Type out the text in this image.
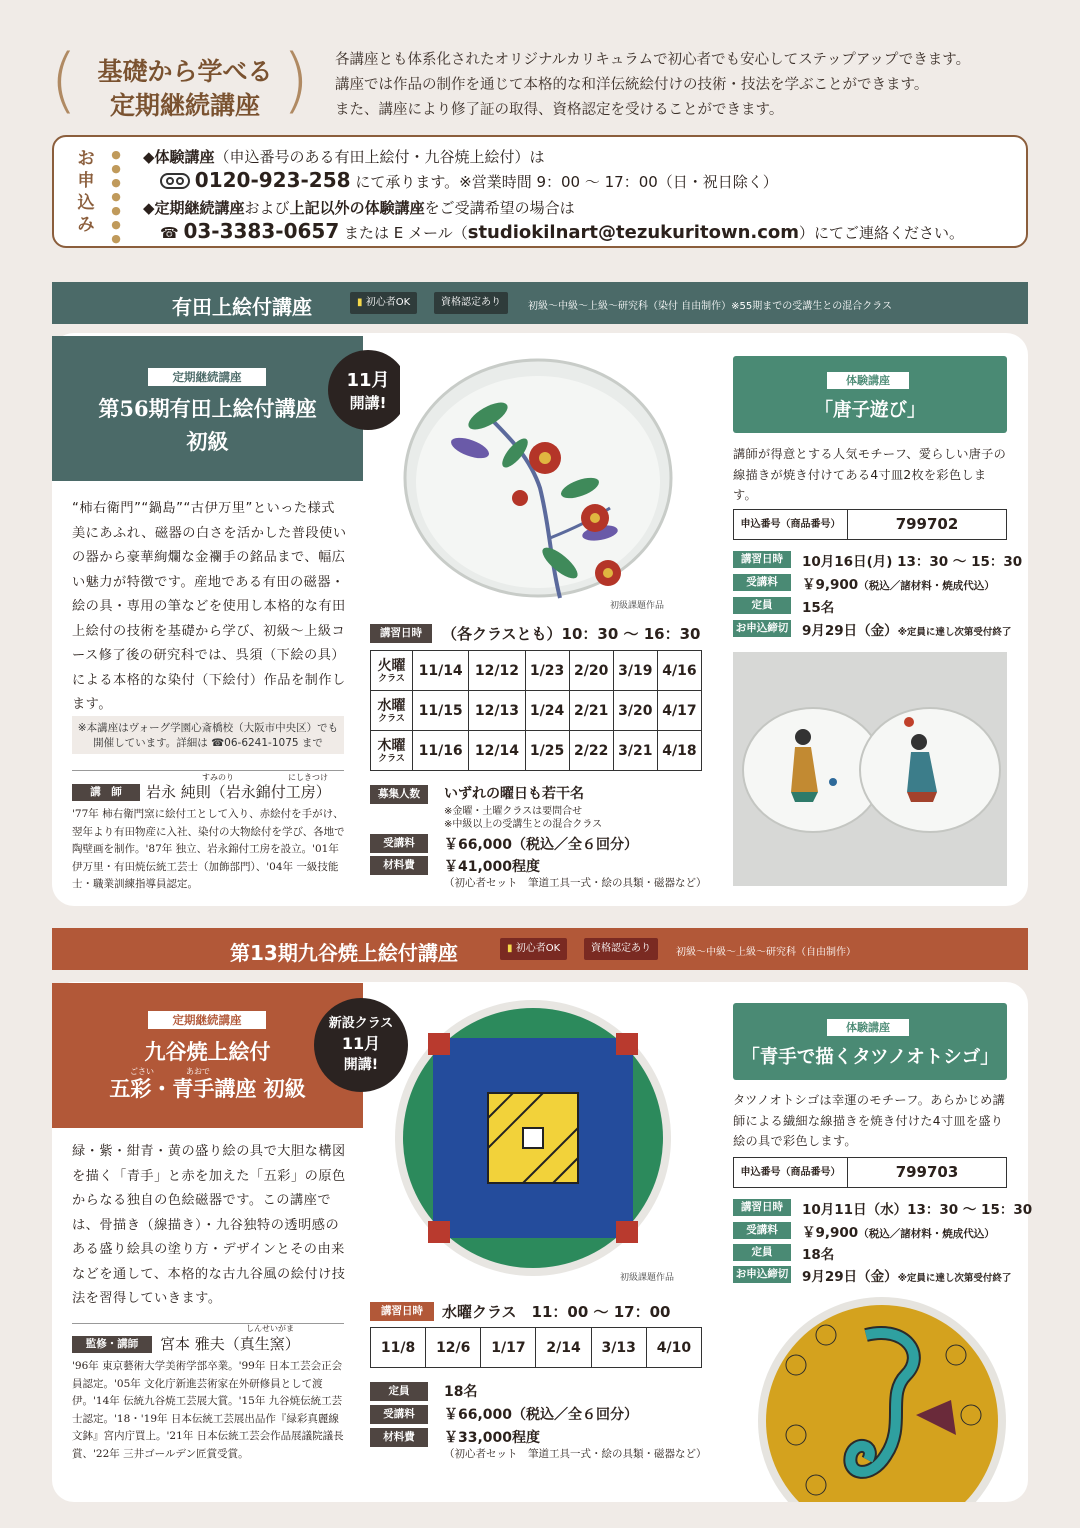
(	)
基礎から学べる
定期継続講座
各講座とも体系化されたオリジナルカリキュラムで初心者でも安心してステップアップできます。
講座では作品の制作を通じて本格的な和洋伝統絵付けの技術・技法を学ぶことができます。
また、講座により修了証の取得、資格認定を受けることができます。
お
申
込
み
●
●
●
●
●
●
●
◆体験講座（申込番号のある有田上絵付・九谷焼上絵付）は
0120-923-258 にて承ります。※営業時間 9：00 〜 17：00（日・祝日除く）
◆定期継続講座および上記以外の体験講座をご受講希望の場合は
☎ 03-3383-0657 または E メール（studiokilnart@tezukuritown.com）にてご連絡ください。
有田上絵付講座	▮ 初心者OK	資格認定あり	初級〜中級〜上級〜研究科（染付 自由制作）※55期までの受講生との混合クラス
定期継続講座
第56期有田上絵付講座
初級
11月
開講!
“柿右衛門”“鍋島”“古伊万里”といった様式美にあふれ、磁器の白さを活かした普段使いの器から豪華絢爛な金襴手の銘品まで、幅広い魅力が特徴です。産地である有田の磁器・絵の具・専用の筆などを使用し本格的な有田上絵付の技術を基礎から学び、初級〜上級コース修了後の研究科では、呉須（下絵の具）による本格的な染付（下絵付）作品を制作します。
※本講座はヴォーグ学園心斎橋校（大阪市中央区）でも
開催しています。詳細は ☎06-6241-1075 まで
すみのり	にしきつけ
講　師	岩永 純則（岩永錦付工房）
'77年 柿右衛門窯に絵付工として入り、赤絵付を手がけ、翌年より有田物産に入社、染付の大物絵付を学び、各地で陶壁画を制作。'87年 独立、岩永錦付工房を設立。'01年 伊万里・有田焼伝統工芸士（加飾部門）、'04年 一級技能士・職業訓練指導員認定。
初級課題作品
講習日時	（各クラスとも）10：30 〜 16：30
火曜
クラス	11/14	12/12	1/23	2/20	3/19	4/16

水曜
クラス	11/15	12/13	1/24	2/21	3/20	4/17

木曜
クラス	11/16	12/14	1/25	2/22	3/21	4/18
募集人数	いずれの曜日も若干名
※金曜・土曜クラスは要問合せ
※中級以上の受講生との混合クラス
受講料	￥66,000（税込／全６回分）
材料費	￥41,000程度
（初心者セット　筆道工具一式・絵の具類・磁器など）
体験講座
「唐子遊び」
講師が得意とする人気モチーフ、愛らしい唐子の線描きが焼き付けてある4寸皿2枚を彩色します。
申込番号（商品番号）	799702
講習日時	10月16日(月) 13：30 〜 15：30
受講料	￥9,900（税込／諸材料・焼成代込）
定員	15名
お申込締切 9月29日（金）※定員に達し次第受付終了
第13期九谷焼上絵付講座	▮ 初心者OK	資格認定あり	初級〜中級〜上級〜研究科（自由制作）
定期継続講座
九谷焼上絵付
ごさい	あおで
五彩・青手講座 初級
新設クラス
11月
開講!
緑・紫・紺青・黄の盛り絵の具で大胆な構図を描く「青手」と赤を加えた「五彩」の原色からなる独自の色絵磁器です。この講座では、骨描き（線描き）・九谷独特の透明感のある盛り絵具の塗り方・デザインとその由来などを通して、本格的な古九谷風の絵付け技法を習得していきます。
しんせいがま
監修・講師	宮本 雅夫（真生窯）
'96年 東京藝術大学美術学部卒業。'99年 日本工芸会正会員認定。'05年 文化庁新進芸術家在外研修員として渡伊。'14年 伝統九谷焼工芸展大賞。'15年 九谷焼伝統工芸士認定。'18・'19年 日本伝統工芸展出品作『緑彩真麗線文鉢』宮内庁買上。'21年 日本伝統工芸会作品展議院議長賞、'22年 三井ゴールデン匠賞受賞。
初級課題作品
講習日時	水曜クラス　11：00 〜 17：00
11/8	12/6	1/17	2/14	3/13	4/10
定員	18名
受講料	￥66,000（税込／全６回分）
材料費	￥33,000程度
（初心者セット　筆道工具一式・絵の具類・磁器など）
体験講座
「青手で描くタツノオトシゴ」
タツノオトシゴは幸運のモチーフ。あらかじめ講師による繊細な線描きを焼き付けた4寸皿を盛り絵の具で彩色します。
申込番号（商品番号）	799703
講習日時	10月11日（水）13：30 〜 15：30
受講料	￥9,900（税込／諸材料・焼成代込）
定員	18名
お申込締切 9月29日（金）※定員に達し次第受付終了
